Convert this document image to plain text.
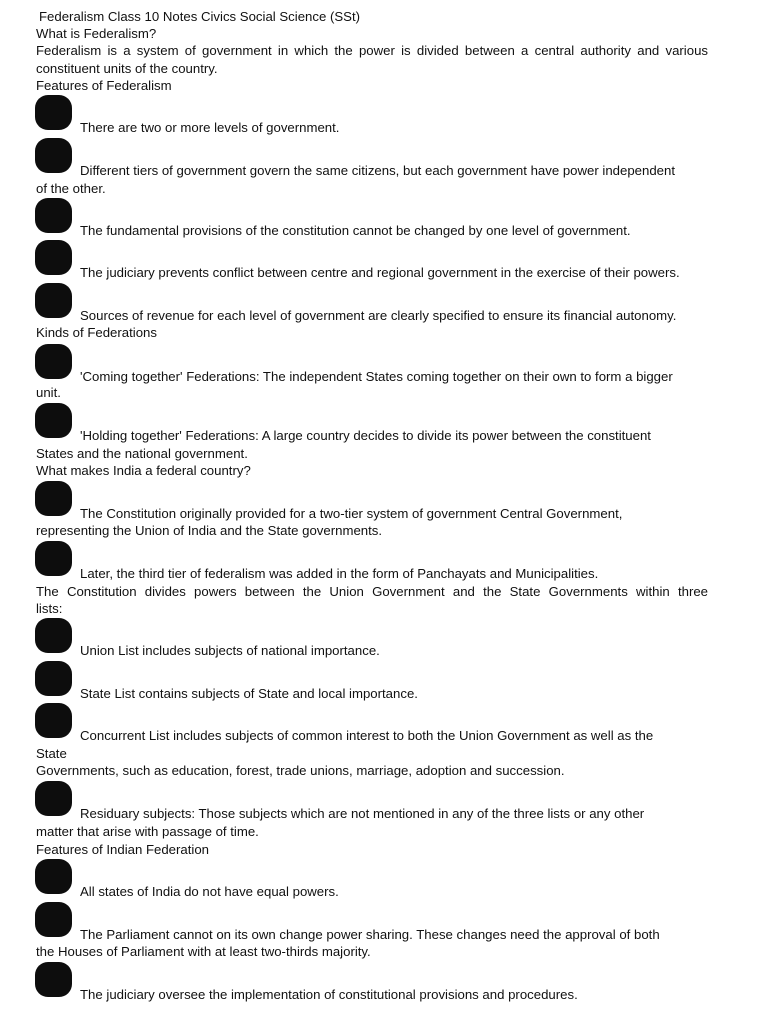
Federalism Class 10 Notes Civics Social Science (SSt)
What is Federalism?
Federalism is a system of government in which the power is divided between a central authority and various
constituent units of the country.
Features of Federalism
There are two or more levels of government.
Different tiers of government govern the same citizens, but each government have power independent
of the other.
The fundamental provisions of the constitution cannot be changed by one level of government.
The judiciary prevents conflict between centre and regional government in the exercise of their powers.
Sources of revenue for each level of government are clearly specified to ensure its financial autonomy.
Kinds of Federations
'Coming together' Federations: The independent States coming together on their own to form a bigger
unit.
'Holding together' Federations: A large country decides to divide its power between the constituent
States and the national government.
What makes India a federal country?
The Constitution originally provided for a two-tier system of government Central Government,
representing the Union of India and the State governments.
Later, the third tier of federalism was added in the form of Panchayats and Municipalities.
The Constitution divides powers between the Union Government and the State Governments within three
lists:
Union List includes subjects of national importance.
State List contains subjects of State and local importance.
Concurrent List includes subjects of common interest to both the Union Government as well as the
State
Governments, such as education, forest, trade unions, marriage, adoption and succession.
Residuary subjects: Those subjects which are not mentioned in any of the three lists or any other
matter that arise with passage of time.
Features of Indian Federation
All states of India do not have equal powers.
The Parliament cannot on its own change power sharing. These changes need the approval of both
the Houses of Parliament with at least two-thirds majority.
The judiciary oversee the implementation of constitutional provisions and procedures.
